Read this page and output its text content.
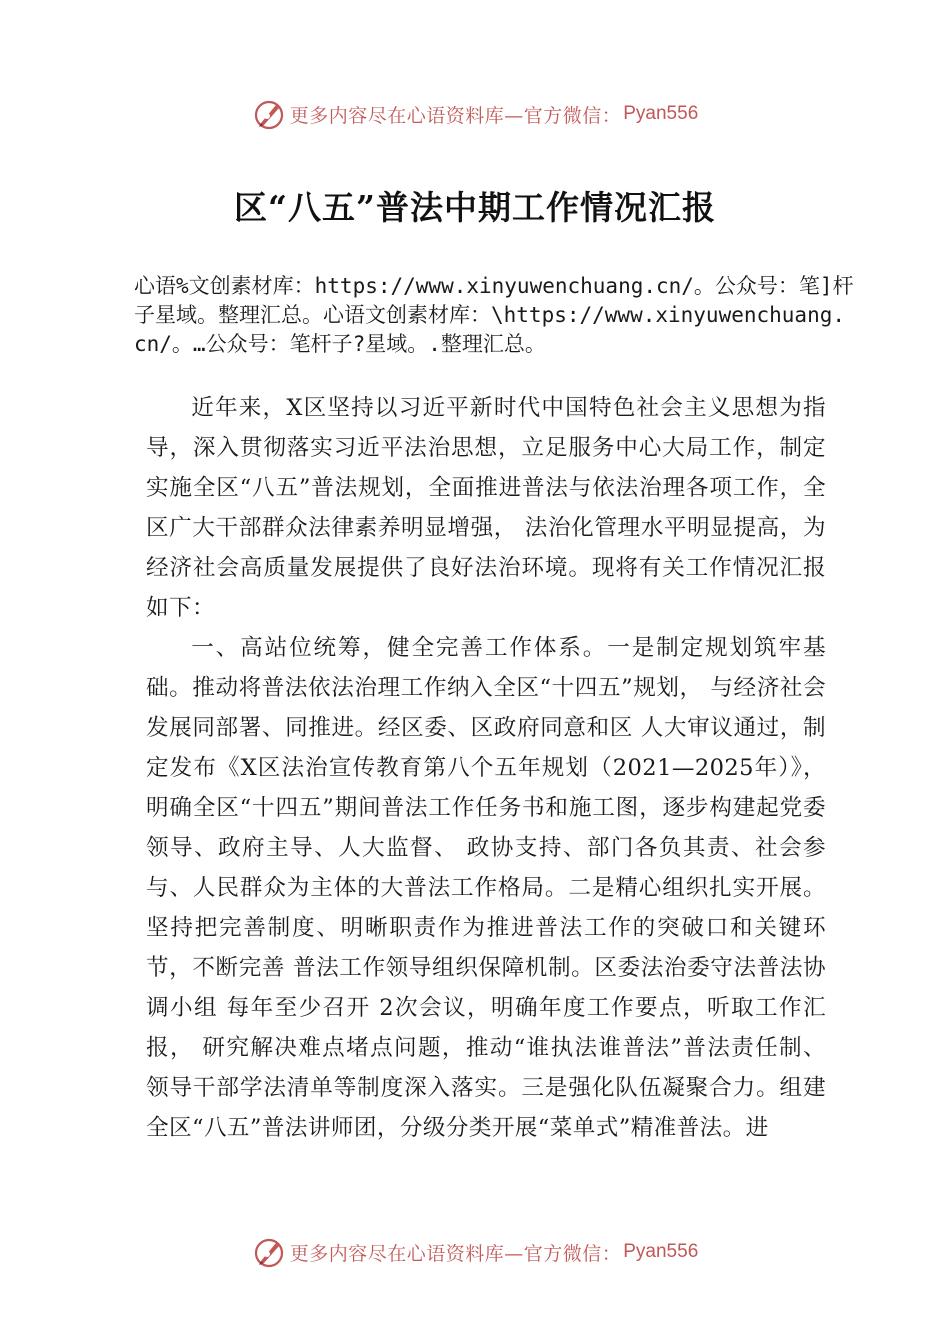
更多内容尽在心语资料库—官方微信： Pyan556
区“八五”普法中期工作情况汇报
心语%文创素材库：https://www.xinyuwenchuang.cn/。公众号：笔]杆子星域。整理汇总。心语文创素材库：\https://www.xinyuwenchuang.cn/。…公众号：笔杆子?星域。.整理汇总。

近年来，X区坚持以习近平新时代中国特色社会主义思想为指导，深入贯彻落实习近平法治思想，立足服务中心大局工作，制定实施全区“八五”普法规划，全面推进普法与依法治理各项工作，全区广大干部群众法律素养明显增强， 法治化管理水平明显提高，为经济社会高质量发展提供了良好法治环境。现将有关工作情况汇报如下：

一、高站位统筹，健全完善工作体系。一是制定规划筑牢基础。推动将普法依法治理工作纳入全区“十四五”规划， 与经济社会发展同部署、同推进。经区委、区政府同意和区 人大审议通过，制定发布《X区法治宣传教育第八个五年规划（2021—2025年）》，明确全区“十四五”期间普法工作任务书和施工图，逐步构建起党委领导、政府主导、人大监督、 政协支持、部门各负其责、社会参与、人民群众为主体的大普法工作格局。二是精心组织扎实开展。坚持把完善制度、明晰职责作为推进普法工作的突破口和关键环节，不断完善 普法工作领导组织保障机制。区委法治委守法普法协调小组 每年至少召开 2次会议，明确年度工作要点，听取工作汇报， 研究解决难点堵点问题，推动“谁执法谁普法”普法责任制、 领导干部学法清单等制度深入落实。三是强化队伍凝聚合力。组建全区“八五”普法讲师团，分级分类开展“菜单式”精准普法。进

更多内容尽在心语资料库—官方微信： Pyan556
